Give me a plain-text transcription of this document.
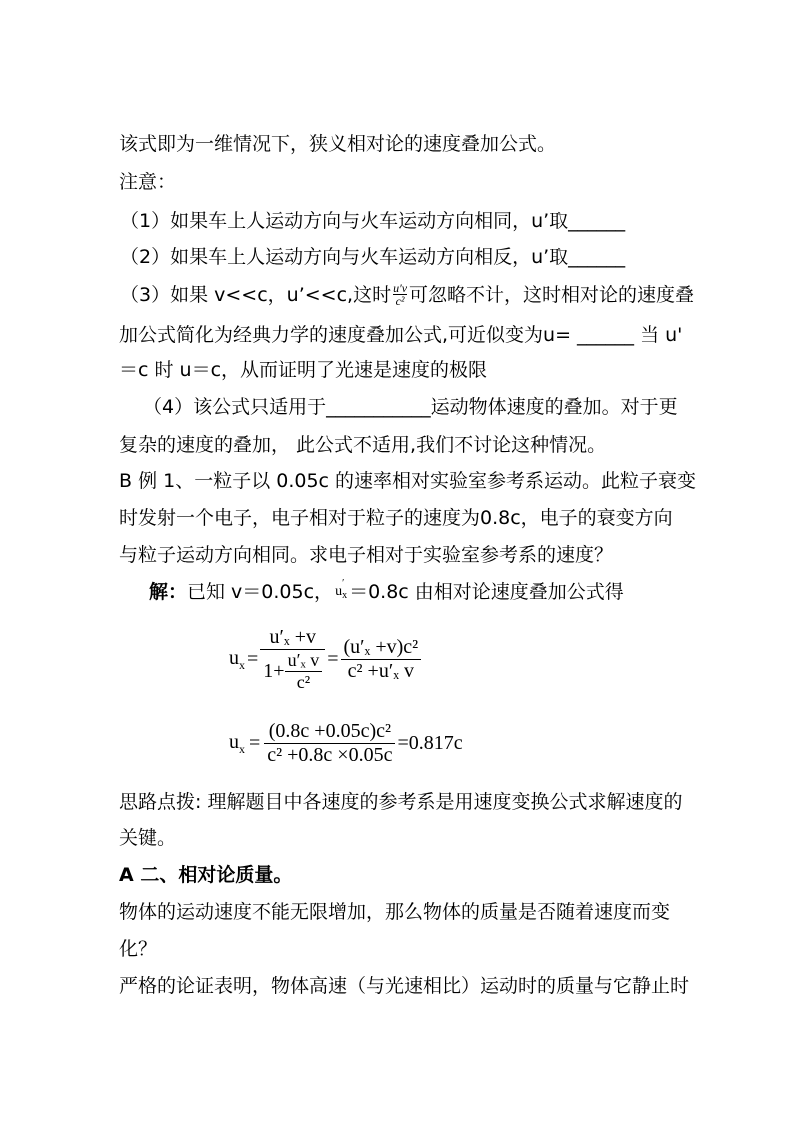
该式即为一维情况下，狭义相对论的速度叠加公式。
注意：
（1）如果车上人运动方向与火车运动方向相同，u’取______
（2）如果车上人运动方向与火车运动方向相反，u’取______
（3）如果 v<<c，u’<<c,这时 $\frac{u'v}{\text{c²}}$ 可忽略不计，这时相对论的速度叠
加公式简化为经典力学的速度叠加公式,可近似变为u= ______ 当 u'
＝c 时 u＝c，从而证明了光速是速度的极限
（4）该公式只适用于___________运动物体速度的叠加。对于更
复杂的速度的叠加， 此公式不适用,我们不讨论这种情况。
B 例 1、一粒子以 0.05c 的速率相对实验室参考系运动。此粒子衰变
时发射一个电子，电子相对于粒子的速度为0.8c，电子的衰变方向
与粒子运动方向相同。求电子相对于实验室参考系的速度？
解： 已知 v＝0.05c， u
′
x ＝0.8c 由相对论速度叠加公式得
$u_x = \frac{\text{u′ₓ +v}}{1+ \frac{\text{u′ₓ v}}{\text{c²}}} = \frac{\text{(u′ₓ +v)c²}}{\text{c² +u′ₓ v}}$
$u_x = \frac{\text{(0.8c +0.05c)c²}}{\text{c² +0.8c ×0.05c}} =0.817c$
思路点拨: 理解题目中各速度的参考系是用速度变换公式求解速度的
关键。
A 二、相对论质量。
物体的运动速度不能无限增加，那么物体的质量是否随着速度而变
化？
严格的论证表明，物体高速（与光速相比）运动时的质量与它静止时
